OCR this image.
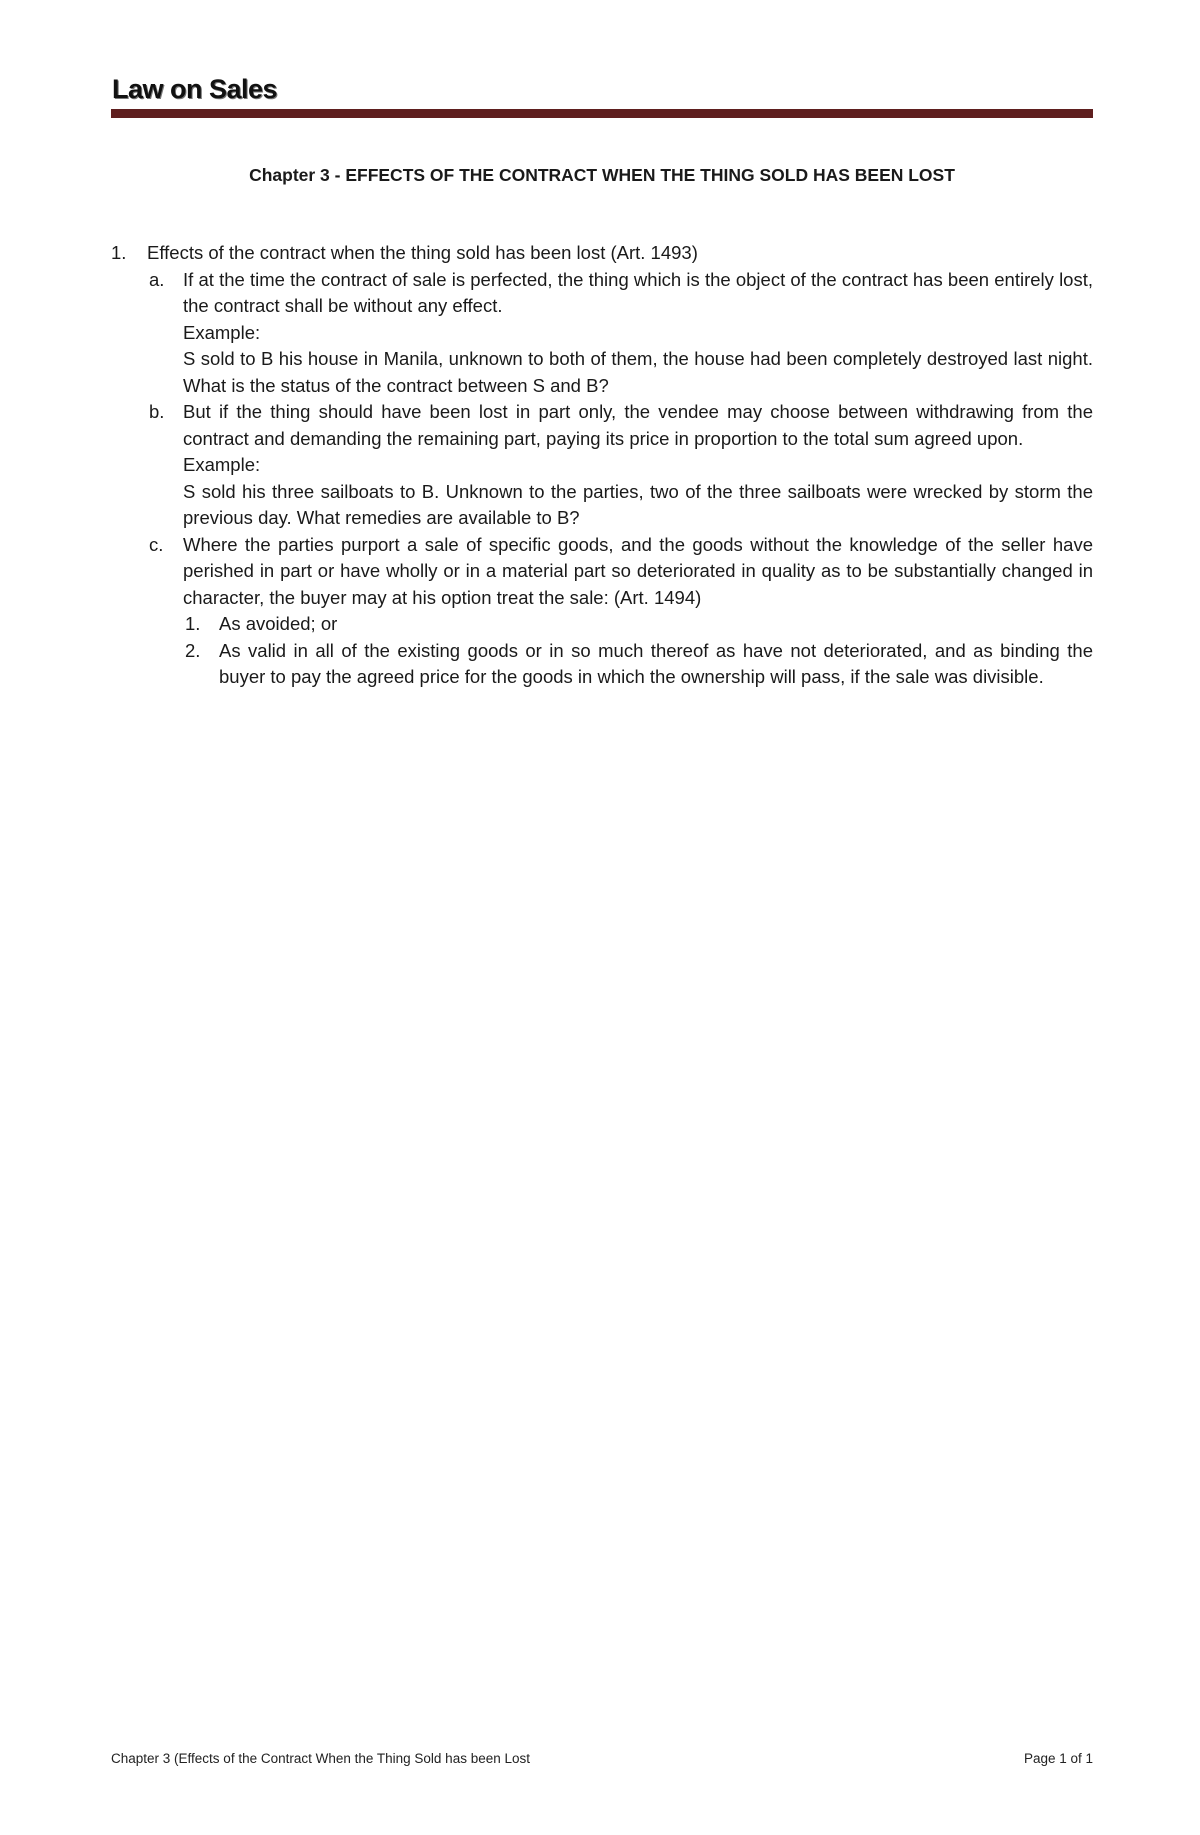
Law on Sales
Chapter 3 - EFFECTS OF THE CONTRACT WHEN THE THING SOLD HAS BEEN LOST
1. Effects of the contract when the thing sold has been lost (Art. 1493)
a. If at the time the contract of sale is perfected, the thing which is the object of the contract has been entirely lost, the contract shall be without any effect.
Example:
S sold to B his house in Manila, unknown to both of them, the house had been completely destroyed last night. What is the status of the contract between S and B?
b. But if the thing should have been lost in part only, the vendee may choose between withdrawing from the contract and demanding the remaining part, paying its price in proportion to the total sum agreed upon.
Example:
S sold his three sailboats to B. Unknown to the parties, two of the three sailboats were wrecked by storm the previous day. What remedies are available to B?
c. Where the parties purport a sale of specific goods, and the goods without the knowledge of the seller have perished in part or have wholly or in a material part so deteriorated in quality as to be substantially changed in character, the buyer may at his option treat the sale: (Art. 1494)
1. As avoided; or
2. As valid in all of the existing goods or in so much thereof as have not deteriorated, and as binding the buyer to pay the agreed price for the goods in which the ownership will pass, if the sale was divisible.
Chapter 3 (Effects of the Contract When the Thing Sold has been Lost	Page 1 of 1
